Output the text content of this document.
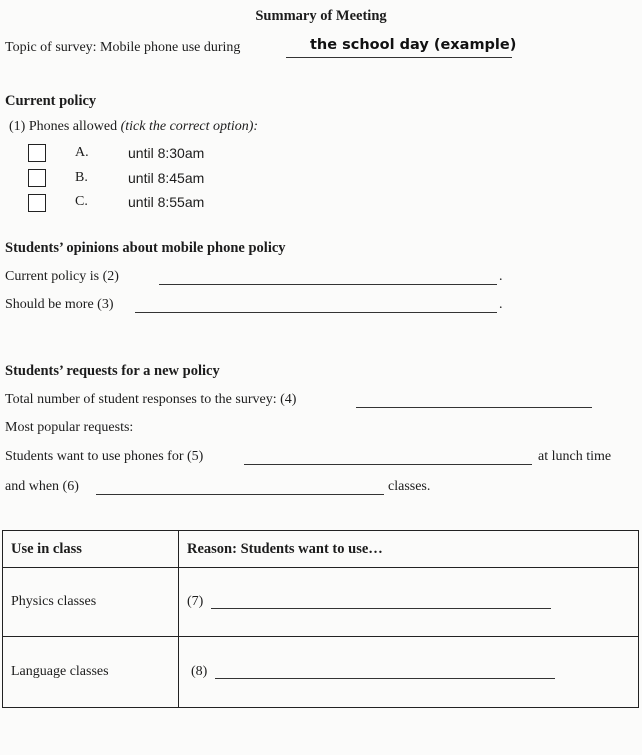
Summary of Meeting
Topic of survey: Mobile phone use during	the school day (example)
Current policy
(1) Phones allowed (tick the correct option):
A.	until 8:30am
B.	until 8:45am
C.	until 8:55am
Students’ opinions about mobile phone policy
Current policy is (2)	.
Should be more (3)	.
Students’ requests for a new policy
Total number of student responses to the survey: (4)
Most popular requests:
Students want to use phones for (5)	at lunch time
and when (6)	classes.
Use in class	Reason: Students want to use…
Physics classes	(7)
Language classes	(8)
